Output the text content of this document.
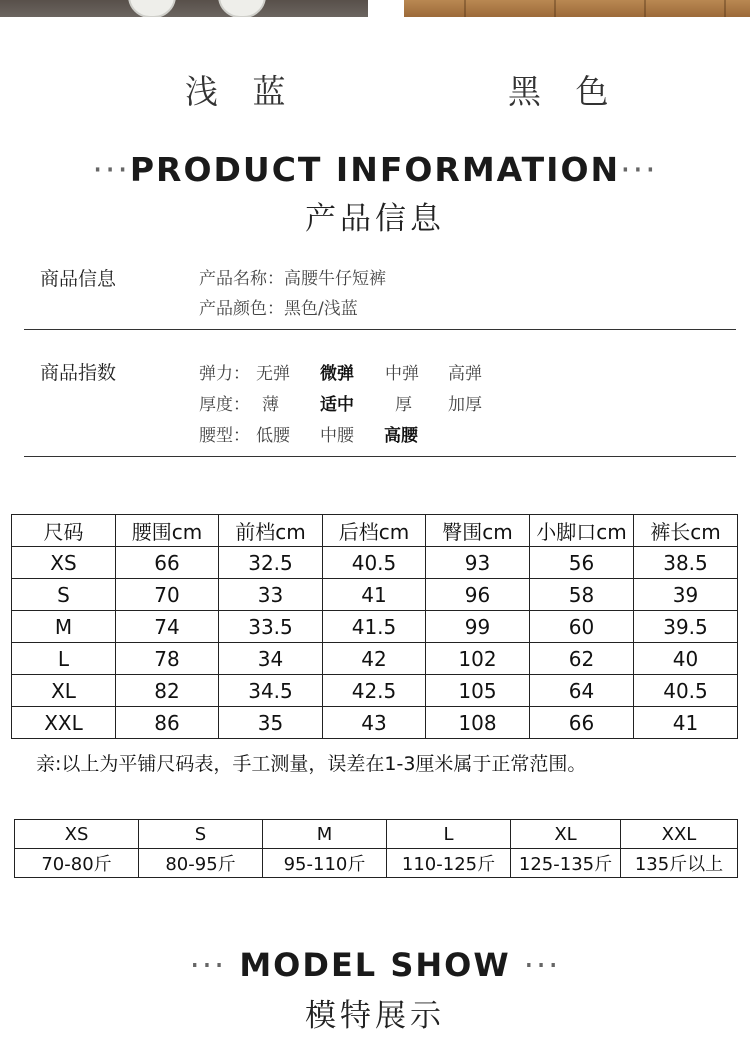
浅 蓝	黑 色
···PRODUCT INFORMATION···
产品信息
商品信息	产品名称：高腰牛仔短裤
产品颜色：黑色/浅蓝
商品指数	弹力： 无弹 微弹 中弹 高弹
厚度： 薄 适中 厚 加厚
腰型： 低腰 中腰 高腰
尺码	腰围cm	前档cm	后档cm	臀围cm	小脚口cm	裤长cm
XS	66	32.5	40.5	93	56	38.5
S	70	33	41	96	58	39
M	74	33.5	41.5	99	60	39.5
L	78	34	42	102	62	40
XL	82	34.5	42.5	105	64	40.5
XXL	86	35	43	108	66	41
亲:以上为平铺尺码表，手工测量，误差在1-3厘米属于正常范围。
XS	S	M	L	XL	XXL
70-80斤	80-95斤	95-110斤	110-125斤	125-135斤	135斤以上
··· MODEL SHOW ···
模特展示
